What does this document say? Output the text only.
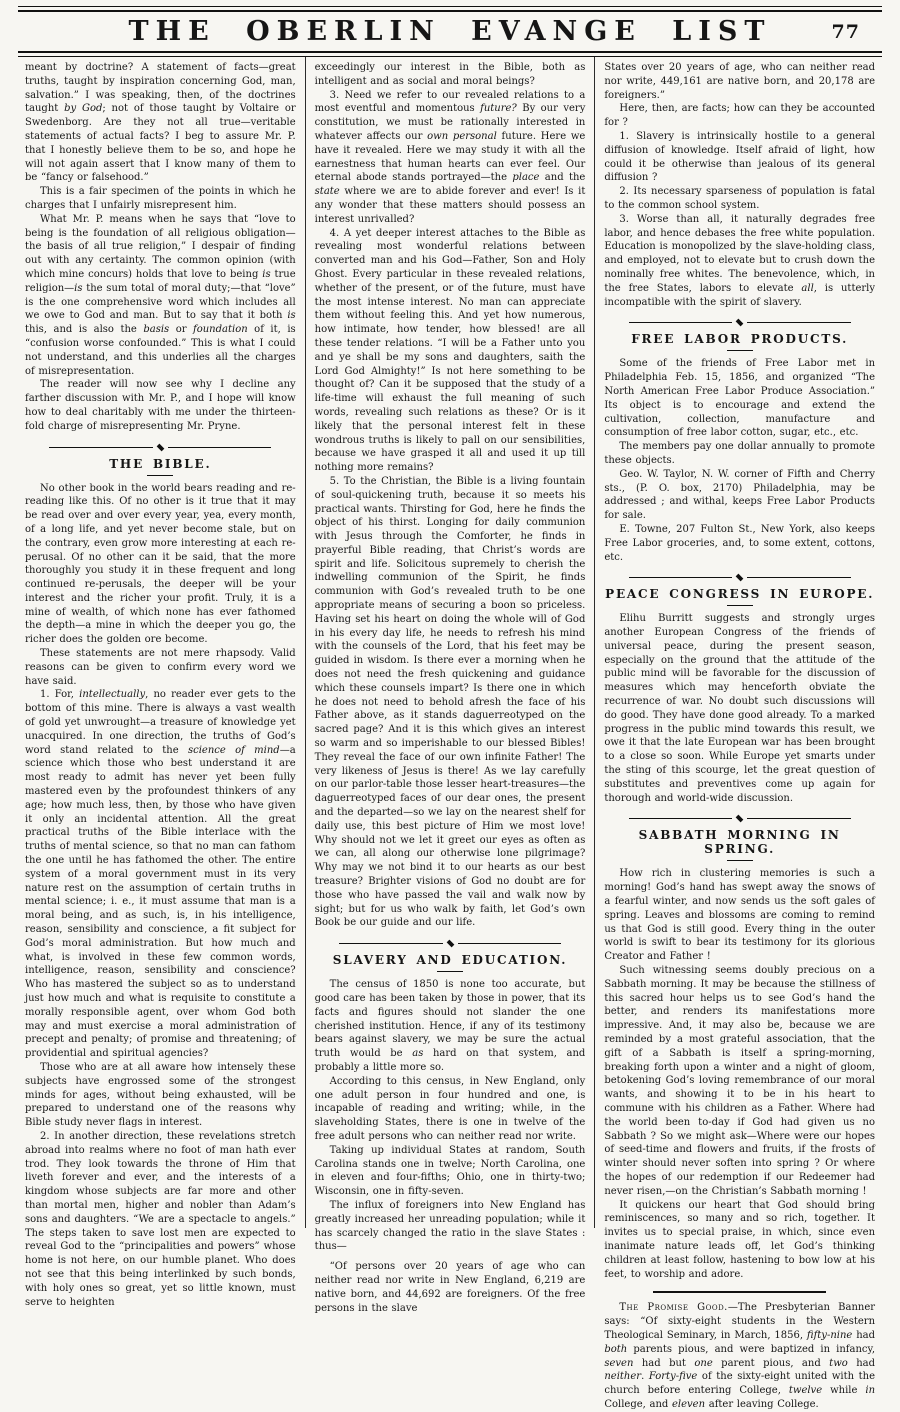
THE OBERLIN EVANGE LIST	77

meant by doctrine? A statement of facts—great truths, taught by inspiration concerning God, man, salvation.” I was speaking, then, of the doctrines taught by God; not of those taught by Voltaire or Swedenborg. Are they not all true—veritable statements of actual facts? I beg to assure Mr. P. that I honestly believe them to be so, and hope he will not again assert that I know many of them to be “fancy or falsehood.”

This is a fair specimen of the points in which he charges that I unfairly misrepresent him.

What Mr. P. means when he says that “love to being is the foundation of all religious obligation—the basis of all true religion,” I despair of finding out with any certainty. The common opinion (with which mine concurs) holds that love to being is true religion—is the sum total of moral duty;—that “love” is the one comprehensive word which includes all we owe to God and man. But to say that it both is this, and is also the basis or foundation of it, is “confusion worse confounded.” This is what I could not understand, and this underlies all the charges of misrepresentation.

The reader will now see why I decline any farther discussion with Mr. P., and I hope will know how to deal charitably with me under the thirteen-fold charge of misrepresenting Mr. Pryne.

THE BIBLE.

No other book in the world bears reading and re-reading like this. Of no other is it true that it may be read over and over every year, yea, every month, of a long life, and yet never become stale, but on the contrary, even grow more interesting at each re-perusal. Of no other can it be said, that the more thoroughly you study it in these frequent and long continued re-perusals, the deeper will be your interest and the richer your profit. Truly, it is a mine of wealth, of which none has ever fathomed the depth—a mine in which the deeper you go, the richer does the golden ore become.

These statements are not mere rhapsody. Valid reasons can be given to confirm every word we have said.

1. For, intellectually, no reader ever gets to the bottom of this mine. There is always a vast wealth of gold yet unwrought—a treasure of knowledge yet unacquired. In one direction, the truths of God’s word stand related to the science of mind—a science which those who best understand it are most ready to admit has never yet been fully mastered even by the profoundest thinkers of any age; how much less, then, by those who have given it only an incidental attention. All the great practical truths of the Bible interlace with the truths of mental science, so that no man can fathom the one until he has fathomed the other. The entire system of a moral government must in its very nature rest on the assumption of certain truths in mental science; i. e., it must assume that man is a moral being, and as such, is, in his intelligence, reason, sensibility and conscience, a fit subject for God’s moral administration. But how much and what, is involved in these few common words, intelligence, reason, sensibility and conscience? Who has mastered the subject so as to understand just how much and what is requisite to constitute a morally responsible agent, over whom God both may and must exercise a moral administration of precept and penalty; of promise and threatening; of providential and spiritual agencies?

Those who are at all aware how intensely these subjects have engrossed some of the strongest minds for ages, without being exhausted, will be prepared to understand one of the reasons why Bible study never flags in interest.

2. In another direction, these revelations stretch abroad into realms where no foot of man hath ever trod. They look towards the throne of Him that liveth forever and ever, and the interests of a kingdom whose subjects are far more and other than mortal men, higher and nobler than Adam’s sons and daughters. “We are a spectacle to angels.” The steps taken to save lost men are expected to reveal God to the “principalities and powers” whose home is not here, on our humble planet. Who does not see that this being interlinked by such bonds, with holy ones so great, yet so little known, must serve to heighten

exceedingly our interest in the Bible, both as intelligent and as social and moral beings?

3. Need we refer to our revealed relations to a most eventful and momentous future? By our very constitution, we must be rationally interested in whatever affects our own personal future. Here we have it revealed. Here we may study it with all the earnestness that human hearts can ever feel. Our eternal abode stands portrayed—the place and the state where we are to abide forever and ever! Is it any wonder that these matters should possess an interest unrivalled?

4. A yet deeper interest attaches to the Bible as revealing most wonderful relations between converted man and his God—Father, Son and Holy Ghost. Every particular in these revealed relations, whether of the present, or of the future, must have the most intense interest. No man can appreciate them without feeling this. And yet how numerous, how intimate, how tender, how blessed! are all these tender relations. “I will be a Father unto you and ye shall be my sons and daughters, saith the Lord God Almighty!” Is not here something to be thought of? Can it be supposed that the study of a life-time will exhaust the full meaning of such words, revealing such relations as these? Or is it likely that the personal interest felt in these wondrous truths is likely to pall on our sensibilities, because we have grasped it all and used it up till nothing more remains?

5. To the Christian, the Bible is a living fountain of soul-quickening truth, because it so meets his practical wants. Thirsting for God, here he finds the object of his thirst. Longing for daily communion with Jesus through the Comforter, he finds in prayerful Bible reading, that Christ’s words are spirit and life. Solicitous supremely to cherish the indwelling communion of the Spirit, he finds communion with God’s revealed truth to be one appropriate means of securing a boon so priceless. Having set his heart on doing the whole will of God in his every day life, he needs to refresh his mind with the counsels of the Lord, that his feet may be guided in wisdom. Is there ever a morning when he does not need the fresh quickening and guidance which these counsels impart? Is there one in which he does not need to behold afresh the face of his Father above, as it stands daguerreotyped on the sacred page? And it is this which gives an interest so warm and so imperishable to our blessed Bibles! They reveal the face of our own infinite Father! The very likeness of Jesus is there! As we lay carefully on our parlor-table those lesser heart-treasures—the daguerreotyped faces of our dear ones, the present and the departed—so we lay on the nearest shelf for daily use, this best picture of Him we most love! Why should not we let it greet our eyes as often as we can, all along our otherwise lone pilgrimage? Why may we not bind it to our hearts as our best treasure? Brighter visions of God no doubt are for those who have passed the vail and walk now by sight; but for us who walk by faith, let God’s own Book be our guide and our life.

SLAVERY AND EDUCATION.

The census of 1850 is none too accurate, but good care has been taken by those in power, that its facts and figures should not slander the one cherished institution. Hence, if any of its testimony bears against slavery, we may be sure the actual truth would be as hard on that system, and probably a little more so.

According to this census, in New England, only one adult person in four hundred and one, is incapable of reading and writing; while, in the slaveholding States, there is one in twelve of the free adult persons who can neither read nor write.

Taking up individual States at random, South Carolina stands one in twelve; North Carolina, one in eleven and four-fifths; Ohio, one in thirty-two; Wisconsin, one in fifty-seven.

The influx of foreigners into New England has greatly increased her unreading population; while it has scarcely changed the ratio in the slave States : thus—

“Of persons over 20 years of age who can neither read nor write in New England, 6,219 are native born, and 44,692 are foreigners. Of the free persons in the slave

States over 20 years of age, who can neither read nor write, 449,161 are native born, and 20,178 are foreigners.”

Here, then, are facts; how can they be accounted for ?

1. Slavery is intrinsically hostile to a general diffusion of knowledge. Itself afraid of light, how could it be otherwise than jealous of its general diffusion ?

2. Its necessary sparseness of population is fatal to the common school system.

3. Worse than all, it naturally degrades free labor, and hence debases the free white population. Education is monopolized by the slave-holding class, and employed, not to elevate but to crush down the nominally free whites. The benevolence, which, in the free States, labors to elevate all, is utterly incompatible with the spirit of slavery.

FREE LABOR PRODUCTS.

Some of the friends of Free Labor met in Philadelphia Feb. 15, 1856, and organized “The North American Free Labor Produce Association.” Its object is to encourage and extend the cultivation, collection, manufacture and consumption of free labor cotton, sugar, etc., etc.

The members pay one dollar annually to promote these objects.

Geo. W. Taylor, N. W. corner of Fifth and Cherry sts., (P. O. box, 2170) Philadelphia, may be addressed ; and withal, keeps Free Labor Products for sale.

E. Towne, 207 Fulton St., New York, also keeps Free Labor groceries, and, to some extent, cottons, etc.

PEACE CONGRESS IN EUROPE.

Elihu Burritt suggests and strongly urges another European Congress of the friends of universal peace, during the present season, especially on the ground that the attitude of the public mind will be favorable for the discussion of measures which may henceforth obviate the recurrence of war. No doubt such discussions will do good. They have done good already. To a marked progress in the public mind towards this result, we owe it that the late European war has been brought to a close so soon. While Europe yet smarts under the sting of this scourge, let the great question of substitutes and preventives come up again for thorough and world-wide discussion.

SABBATH MORNING IN SPRING.

How rich in clustering memories is such a morning! God’s hand has swept away the snows of a fearful winter, and now sends us the soft gales of spring. Leaves and blossoms are coming to remind us that God is still good. Every thing in the outer world is swift to bear its testimony for its glorious Creator and Father !

Such witnessing seems doubly precious on a Sabbath morning. It may be because the stillness of this sacred hour helps us to see God’s hand the better, and renders its manifestations more impressive. And, it may also be, because we are reminded by a most grateful association, that the gift of a Sabbath is itself a spring-morning, breaking forth upon a winter and a night of gloom, betokening God’s loving remembrance of our moral wants, and showing it to be in his heart to commune with his children as a Father. Where had the world been to-day if God had given us no Sabbath ? So we might ask—Where were our hopes of seed-time and flowers and fruits, if the frosts of winter should never soften into spring ? Or where the hopes of our redemption if our Redeemer had never risen,—on the Christian’s Sabbath morning !

It quickens our heart that God should bring reminiscences, so many and so rich, together. It invites us to special praise, in which, since even inanimate nature leads off, let God’s thinking children at least follow, hastening to bow low at his feet, to worship and adore.

The Promise Good.—The Presbyterian Banner says: “Of sixty-eight students in the Western Theological Seminary, in March, 1856, fifty-nine had both parents pious, and were baptized in infancy, seven had but one parent pious, and two had neither. Forty-five of the sixty-eight united with the church before entering College, twelve while in College, and eleven after leaving College.
